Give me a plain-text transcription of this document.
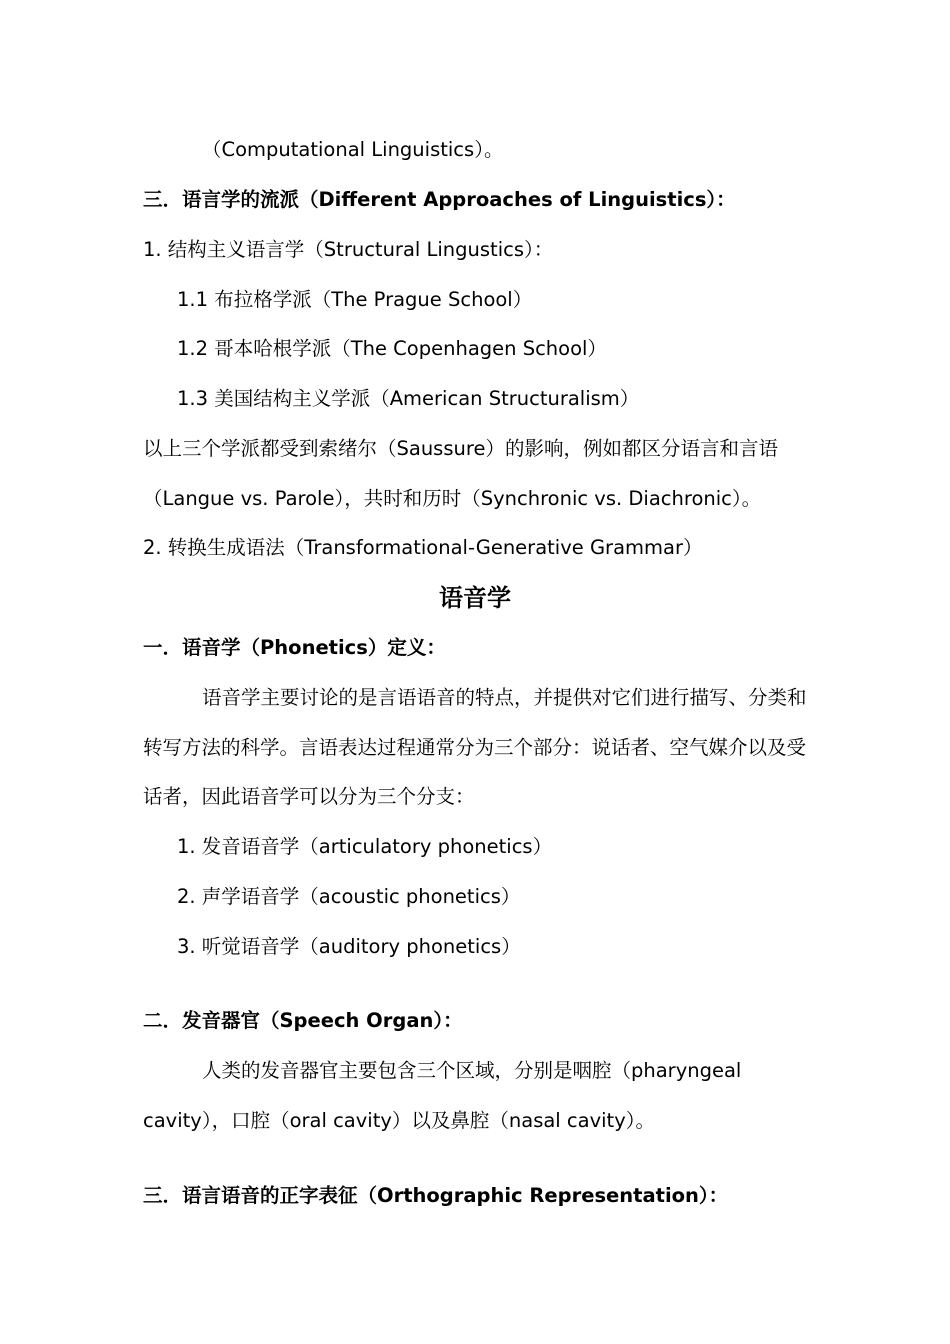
（Computational Linguistics）。
三．语言学的流派（Different Approaches of Linguistics）：
1. 结构主义语言学（Structural Lingustics）：
1.1 布拉格学派（The Prague School）
1.2 哥本哈根学派（The Copenhagen School）
1.3 美国结构主义学派（American Structuralism）
以上三个学派都受到索绪尔（Saussure）的影响，例如都区分语言和言语
（Langue vs. Parole），共时和历时（Synchronic vs. Diachronic）。
2. 转换生成语法（Transformational-Generative Grammar）
语音学
一．语音学（Phonetics）定义：
语音学主要讨论的是言语语音的特点，并提供对它们进行描写、分类和
转写方法的科学。言语表达过程通常分为三个部分：说话者、空气媒介以及受
话者，因此语音学可以分为三个分支：
1. 发音语音学（articulatory phonetics）
2. 声学语音学（acoustic phonetics）
3. 听觉语音学（auditory phonetics）
二．发音器官（Speech Organ）：
人类的发音器官主要包含三个区域，分别是咽腔（pharyngeal
cavity），口腔（oral cavity）以及鼻腔（nasal cavity）。
三．语言语音的正字表征（Orthographic Representation）：
